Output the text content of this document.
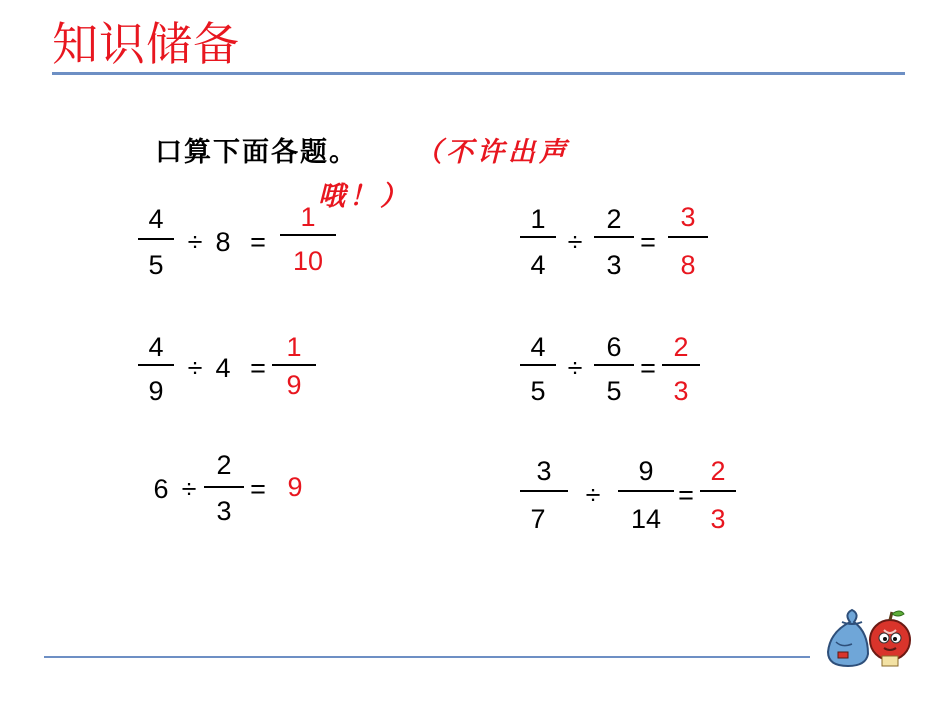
知识储备
口算下面各题。 （不许出声
哦！）
4
5
÷ 8 =
1
10
4
9
÷ 4 =
1
9
6 ÷
2
3
= 9
1
4
÷
2
3
=
3
8
4
5
÷
6
5
=
2
3
3
7
÷
9
14
=
2
3
